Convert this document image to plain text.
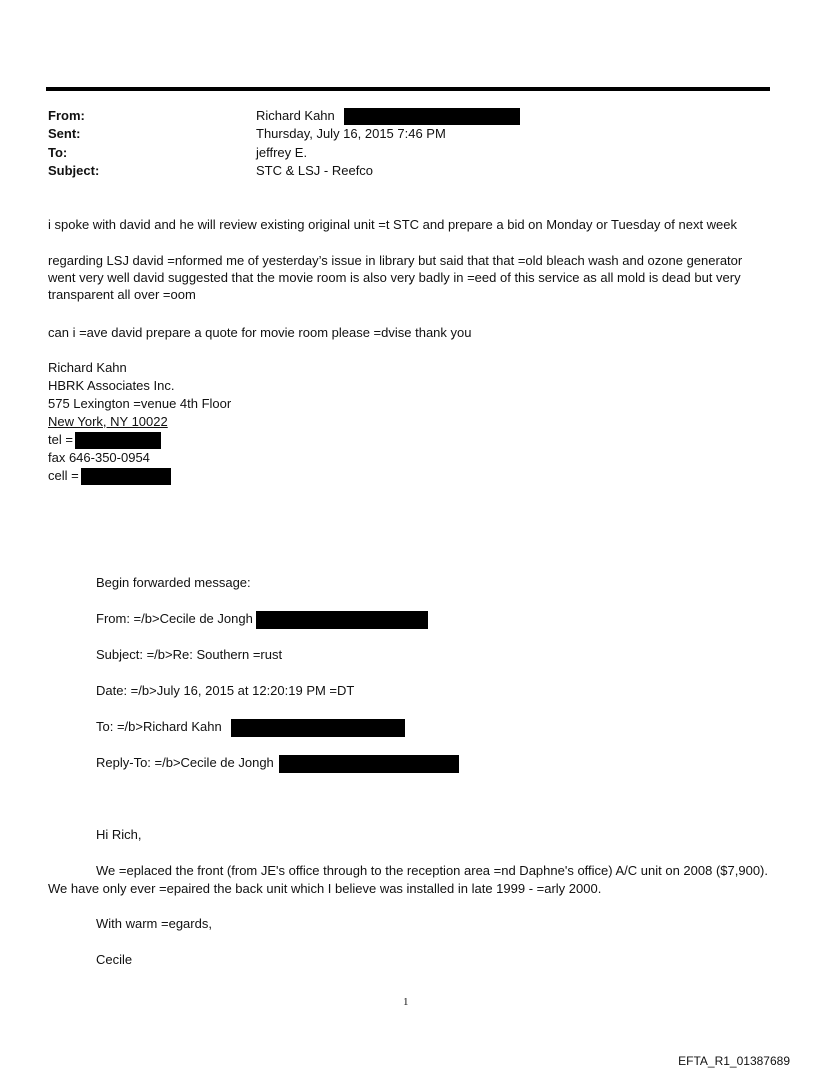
From:	Richard Kahn
Sent:	Thursday, July 16, 2015 7:46 PM
To:	jeffrey E.
Subject:	STC & LSJ - Reefco
i spoke with david and he will review existing original unit =t STC and prepare a bid on Monday or Tuesday of next week
regarding LSJ david =nformed me of yesterday’s issue in library but said that that =old bleach wash and ozone generator went very well david suggested that the movie room is also very badly in =eed of this service as all mold is dead but very transparent all over =oom
can i =ave david prepare a quote for movie room please =dvise thank you
Richard Kahn
HBRK Associates Inc.
575 Lexington =venue 4th Floor
New York, NY 10022
tel =
fax 646-350-0954
cell =
Begin forwarded message:
From: =/b>Cecile de Jongh
Subject: =/b>Re: Southern =rust
Date: =/b>July 16, 2015 at 12:20:19 PM =DT
To: =/b>Richard Kahn
Reply-To: =/b>Cecile de Jongh
Hi Rich,
We =eplaced the front (from JE's office through to the reception area =nd Daphne's office) A/C unit on 2008 ($7,900). We have only ever =epaired the back unit which I believe was installed in late 1999 - =arly 2000.
With warm =egards,
Cecile
1
EFTA_R1_01387689
